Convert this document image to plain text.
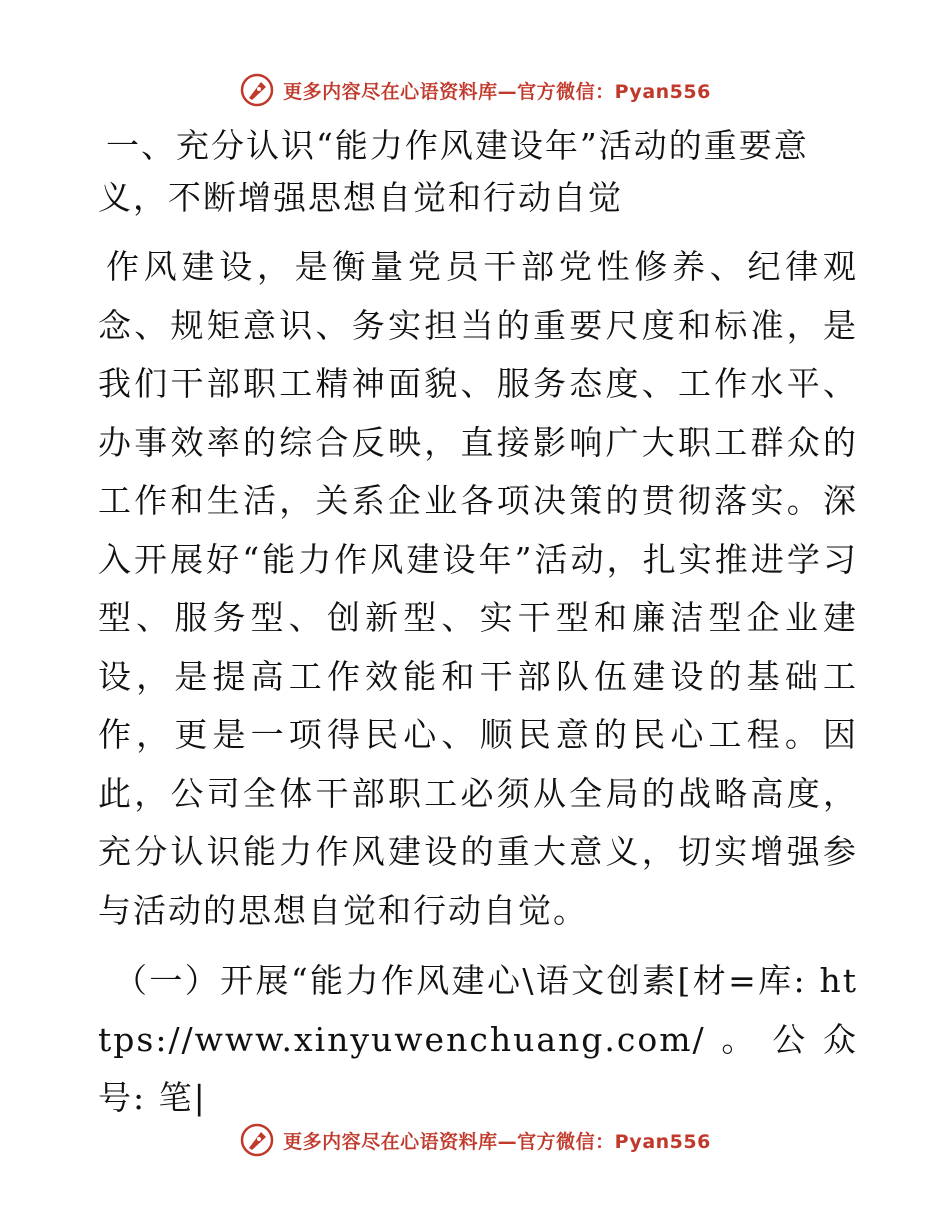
更多内容尽在心语资料库—官方微信：Pyan556

一、充分认识“能力作风建设年”活动的重要意义，不断增强思想自觉和行动自觉

作风建设，是衡量党员干部党性修养、纪律观念、规矩意识、务实担当的重要尺度和标准，是我们干部职工精神面貌、服务态度、工作水平、办事效率的综合反映，直接影响广大职工群众的工作和生活，关系企业各项决策的贯彻落实。深入开展好“能力作风建设年”活动，扎实推进学习型、服务型、创新型、实干型和廉洁型企业建设，是提高工作效能和干部队伍建设的基础工作，更是一项得民心、顺民意的民心工程。因此，公司全体干部职工必须从全局的战略高度，充分认识能力作风建设的重大意义，切实增强参与活动的思想自觉和行动自觉。

（一）开展“能力作风建心\语文创素[材=库: https://www.xinyuwenchuang.com/。公众号: 笔|

更多内容尽在心语资料库—官方微信：Pyan556
